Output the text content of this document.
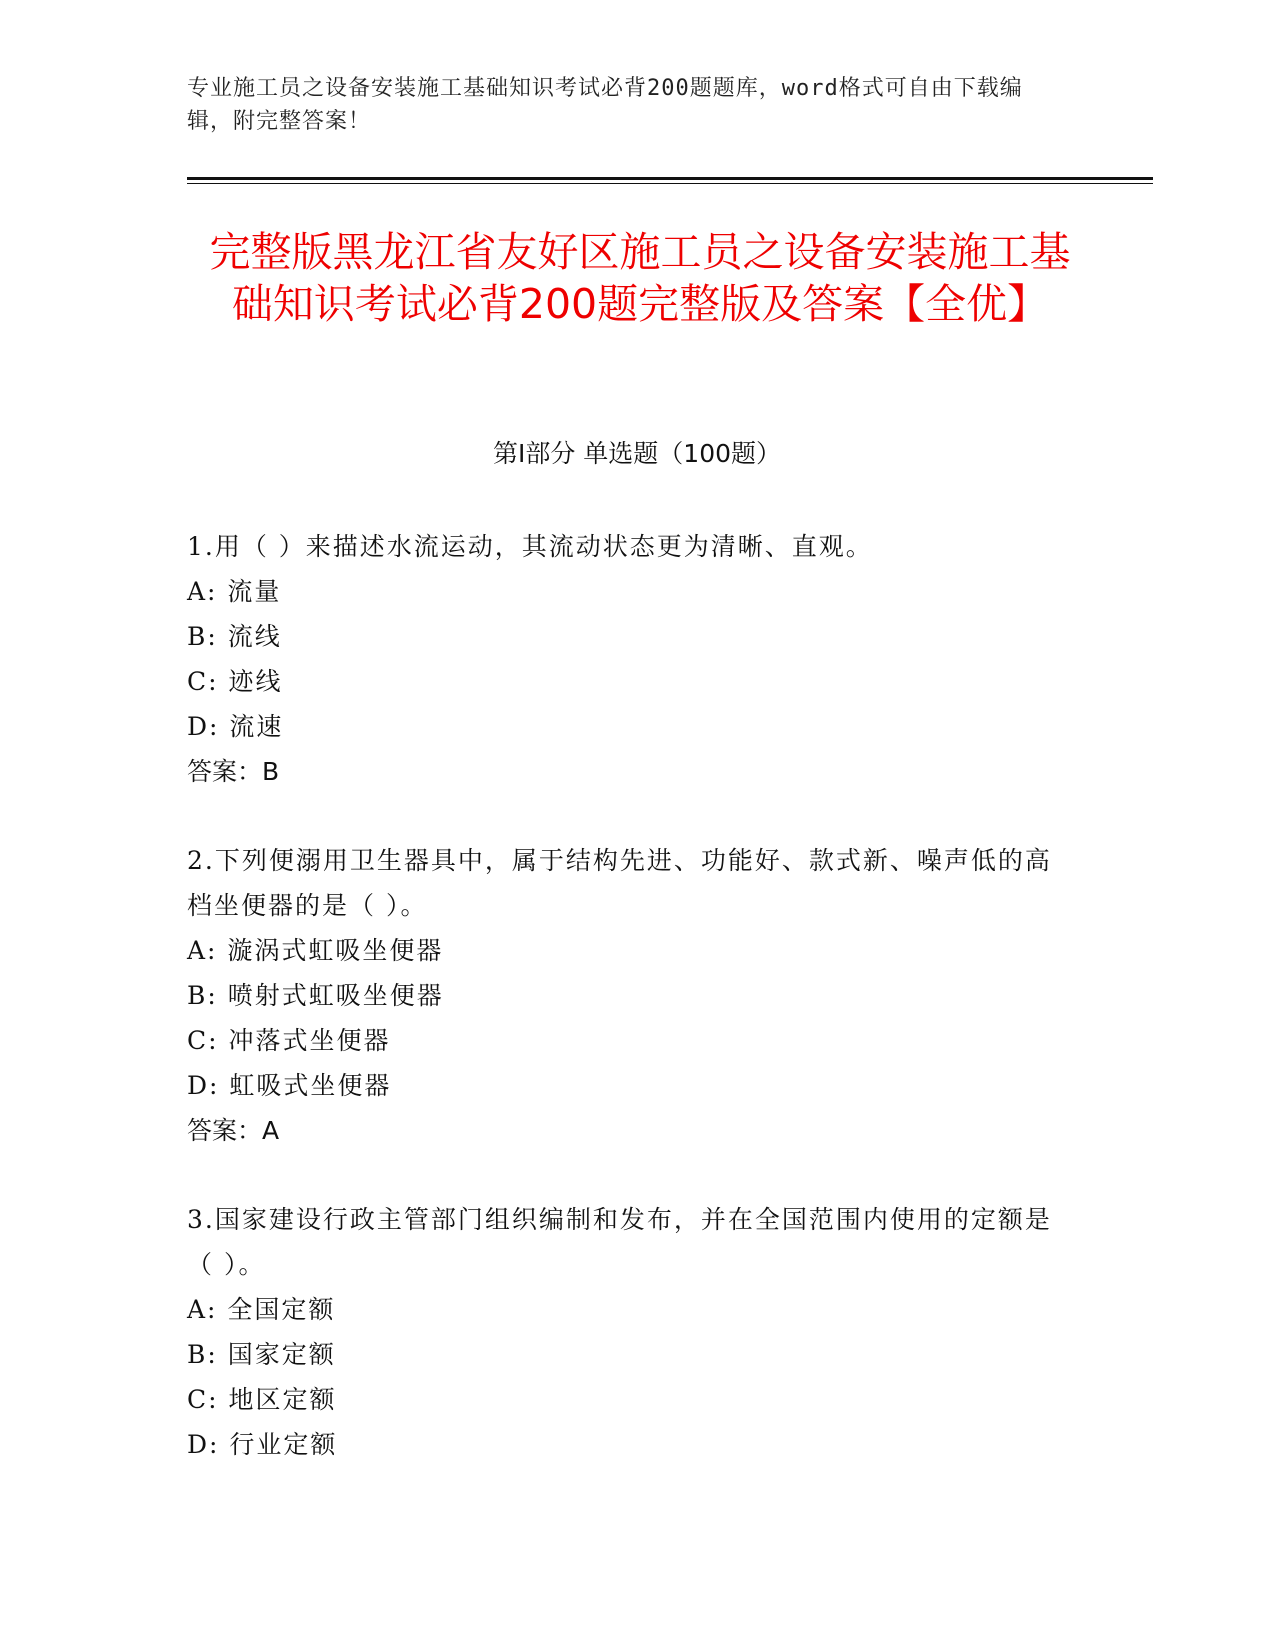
专业施工员之设备安装施工基础知识考试必背200题题库，word格式可自由下载编辑，附完整答案！
完整版黑龙江省友好区施工员之设备安装施工基础知识考试必背200题完整版及答案【全优】
第I部分 单选题（100题）

1.用（ ）来描述水流运动，其流动状态更为清晰、直观。

A: 流量

B: 流线

C: 迹线

D: 流速

答案：B

2.下列便溺用卫生器具中，属于结构先进、功能好、款式新、噪声低的高档坐便器的是（ ）。

A: 漩涡式虹吸坐便器

B: 喷射式虹吸坐便器

C: 冲落式坐便器

D: 虹吸式坐便器

答案：A

3.国家建设行政主管部门组织编制和发布，并在全国范围内使用的定额是（ ）。

A: 全国定额

B: 国家定额

C: 地区定额

D: 行业定额
